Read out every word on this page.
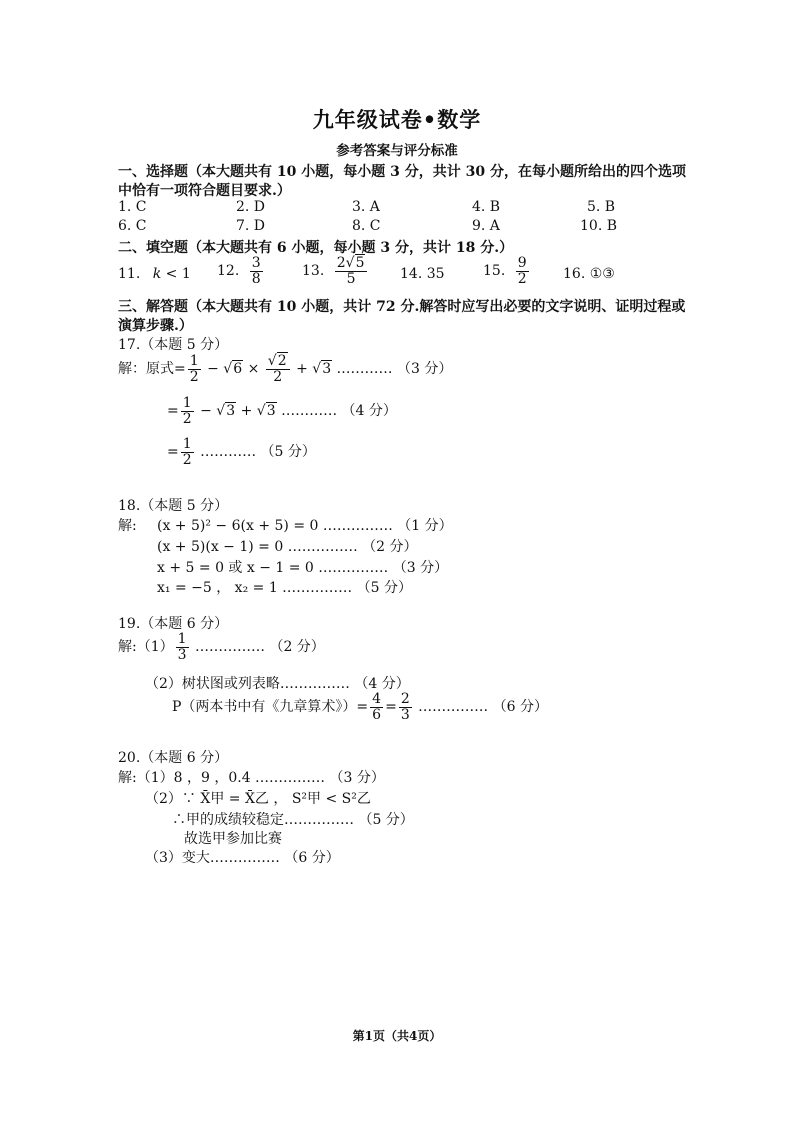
九年级试卷•数学
参考答案与评分标准
一、选择题（本大题共有 10 小题，每小题 3 分，共计 30 分，在每小题所给出的四个选项
中恰有一项符合题目要求.）
1. C	2. D	3. A	4. B	5. B
6. C	7. D	8. C	9. A	10. B
二、填空题（本大题共有 6 小题，每小题 3 分，共计 18 分.）
11. k < 1 12. $\frac{3}{8}$	13. $\frac{2√5}{5} 14$. 35	15. $\frac{9}{2} 16$. ①③
三、解答题（本大题共有 10 小题，共计 72 分.解答时应写出必要的文字说明、证明过程或
演算步骤.）
17.（本题 5 分）
解：原式= $\frac{1}{2} - √6 \times \frac{√2}{2} + √3$ ………… （3 分）
= $\frac{1}{2} - √3 + √3$ ………… （4 分）
= $\frac{1}{2}$ ………… （5 分）
18.（本题 5 分）
解: (x + 5)² − 6(x + 5) = 0 …………… （1 分）
(x + 5)(x − 1) = 0 …………… （2 分）
x + 5 = 0 或 x − 1 = 0 …………… （3 分）
x₁ = −5 ， x₂ = 1 …………… （5 分）
19.（本题 6 分）
解:（1） $\frac{1}{3}$ …………… （2 分）
（2）树状图或列表略…………… （4 分）
P（两本书中有《九章算术》）= $\frac{4}{6} = \frac{2}{3}$ …………… （6 分）
20.（本题 6 分）
解:（1）8 ，9 ，0.4 …………… （3 分）
（2）∵ X̄甲 = X̄乙 ， S²甲 < S²乙
∴甲的成绩较稳定…………… （5 分）
故选甲参加比赛
（3）变大…………… （6 分）
第1页（共4页）
